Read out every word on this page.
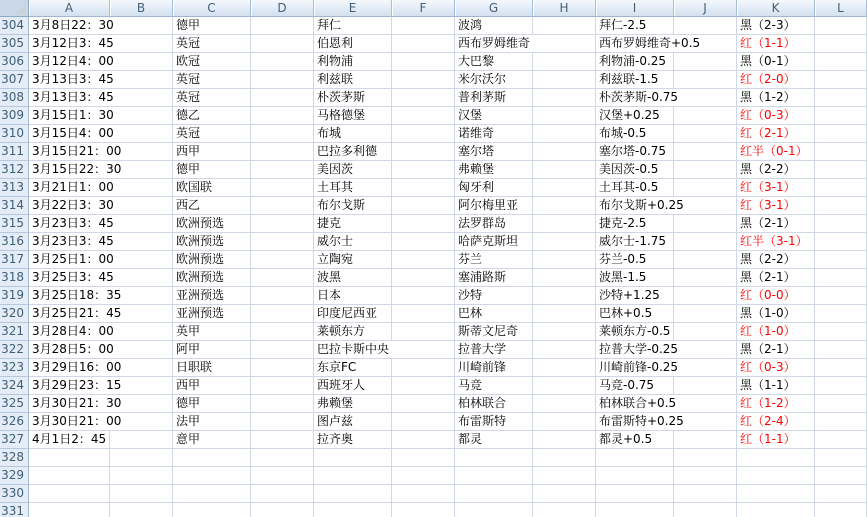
A	B	C	D	E	F	G	H	I	J	K	L
304 3月8日22：30	德甲	拜仁	波鸿	拜仁-2.5	黑（2-3）
305 3月12日3：45	英冠	伯恩利	西布罗姆维奇	西布罗姆维奇+0.5	红（1-1）
306 3月12日4：00	欧冠	利物浦	大巴黎	利物浦-0.25	黑（0-1）
307 3月13日3：45	英冠	利兹联	米尔沃尔	利兹联-1.5	红（2-0）
308 3月13日3：45	英冠	朴茨茅斯	普利茅斯	朴茨茅斯-0.75	黑（1-2）
309 3月15日1：30	德乙	马格德堡	汉堡	汉堡+0.25	红（0-3）
310 3月15日4：00	英冠	布城	诺维奇	布城-0.5	红（2-1）
311 3月15日21：00	西甲	巴拉多利德	塞尔塔	塞尔塔-0.75	红半（0-1）
312 3月15日22：30	德甲	美因茨	弗赖堡	美因茨-0.5	黑（2-2）
313 3月21日1：00	欧国联	土耳其	匈牙利	土耳其-0.5	红（3-1）
314 3月22日3：30	西乙	布尔戈斯	阿尔梅里亚	布尔戈斯+0.25	红（3-1）
315 3月23日3：45	欧洲预选	捷克	法罗群岛	捷克-2.5	黑（2-1）
316 3月23日3：45	欧洲预选	威尔士	哈萨克斯坦	威尔士-1.75	红半（3-1）
317 3月25日1：00	欧洲预选	立陶宛	芬兰	芬兰-0.5	黑（2-2）
318 3月25日3：45	欧洲预选	波黑	塞浦路斯	波黑-1.5	黑（2-1）
319 3月25日18：35	亚洲预选	日本	沙特	沙特+1.25	红（0-0）
320 3月25日21：45	亚洲预选	印度尼西亚	巴林	巴林+0.5	黑（1-0）
321 3月28日4：00	英甲	莱顿东方	斯蒂文尼奇	莱顿东方-0.5	红（1-0）
322 3月28日5：00	阿甲	巴拉卡斯中央	拉普大学	拉普大学-0.25	黑（2-1）
323 3月29日16：00	日职联	东京FC	川崎前锋	川崎前锋-0.25	红（0-3）
324 3月29日23：15	西甲	西班牙人	马竞	马竞-0.75	黑（1-1）
325 3月30日21：30	德甲	弗赖堡	柏林联合	柏林联合+0.5	红（1-2）
326 3月30日21：00	法甲	图卢兹	布雷斯特	布雷斯特+0.25	红（2-4）
327 4月1日2：45	意甲	拉齐奥	都灵	都灵+0.5	红（1-1）
328
329
330
331
